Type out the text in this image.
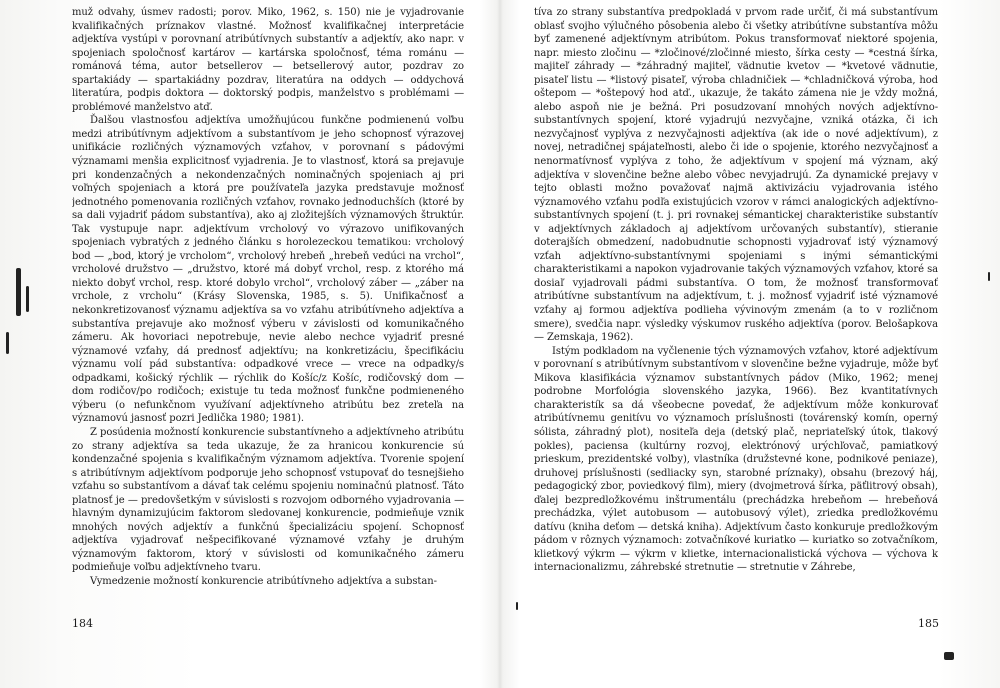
muž odvahy, úsmev radosti; porov. Miko, 1962, s. 150) nie je vyjadrovanie kvalifikačných príznakov vlastné. Možnosť kvalifikačnej interpretácie adjektíva vystúpi v porovnaní atribútívnych substantív a adjektív, ako napr. v spojeniach spoločnosť kartárov — kartárska spoločnosť, téma románu — románová téma, autor betsellerov — betsellerový autor, pozdrav zo spartakiády — spartakiádny pozdrav, literatúra na oddych — oddychová literatúra, podpis doktora — doktorský podpis, manželstvo s problémami — problémové manželstvo atď.

Ďalšou vlastnosťou adjektíva umožňujúcou funkčne podmienenú voľbu medzi atribútívnym adjektívom a substantívom je jeho schopnosť výrazovej unifikácie rozličných významových vzťahov, v porovnaní s pádovými významami menšia explicitnosť vyjadrenia. Je to vlastnosť, ktorá sa prejavuje pri kondenzačných a nekondenzačných nominačných spojeniach aj pri voľných spojeniach a ktorá pre používateľa jazyka predstavuje možnosť jednotného pomenovania rozličných vzťahov, rovnako jednoduchších (ktoré by sa dali vyjadriť pádom substantíva), ako aj zložitejších významových štruktúr. Tak vystupuje napr. adjektívum vrcholový vo výrazovo unifikovaných spojeniach vybratých z jedného článku s horolezeckou tematikou: vrcholový bod — „bod, ktorý je vrcholom“, vrcholový hrebeň „hrebeň vedúci na vrchol“, vrcholové družstvo — „družstvo, ktoré má dobyť vrchol, resp. z ktorého má niekto dobyť vrchol, resp. ktoré dobylo vrchol“, vrcholový záber — „záber na vrchole, z vrcholu“ (Krásy Slovenska, 1985, s. 5). Unifikačnosť a nekonkretizovanosť významu adjektíva sa vo vzťahu atribútívneho adjektíva a substantíva prejavuje ako možnosť výberu v závislosti od komunikačného zámeru. Ak hovoriaci nepotrebuje, nevie alebo nechce vyjadriť presné významové vzťahy, dá prednosť adjektívu; na konkretizáciu, špecifikáciu významu volí pád substantíva: odpadkové vrece — vrece na odpadky/s odpadkami, košický rýchlik — rýchlik do Košíc/z Košíc, rodičovský dom — dom rodičov/po rodičoch; existuje tu teda možnosť funkčne podmieneného výberu (o nefunkčnom využívaní adjektívneho atribútu bez zreteľa na významovú jasnosť pozri Jedlička 1980; 1981).

Z posúdenia možností konkurencie substantívneho a adjektívneho atribútu zo strany adjektíva sa teda ukazuje, že za hranicou konkurencie sú kondenzačné spojenia s kvalifikačným významom adjektíva. Tvorenie spojení s atribútívnym adjektívom podporuje jeho schopnosť vstupovať do tesnejšieho vzťahu so substantívom a dávať tak celému spojeniu nominačnú platnosť. Táto platnosť je — predovšetkým v súvislosti s rozvojom odborného vyjadrovania — hlavným dynamizujúcim faktorom sledovanej konkurencie, podmieňuje vznik mnohých nových adjektív a funkčnú špecializáciu spojení. Schopnosť adjektíva vyjadrovať nešpecifikované významové vzťahy je druhým významovým faktorom, ktorý v súvislosti od komunikačného zámeru podmieňuje voľbu adjektívneho tvaru.

Vymedzenie možností konkurencie atribútívneho adjektíva a substan-

184

tíva zo strany substantíva predpokladá v prvom rade určiť, či má substantívum oblasť svojho výlučného pôsobenia alebo či všetky atribútívne substantíva môžu byť zamenené adjektívnym atribútom. Pokus transformovať niektoré spojenia, napr. miesto zločinu — *zločinové/zločinné miesto, šírka cesty — *cestná šírka, majiteľ záhrady — *záhradný majiteľ, vädnutie kvetov — *kvetové vädnutie, pisateľ listu — *listový pisateľ, výroba chladničiek — *chladničková výroba, hod oštepom — *oštepový hod atď., ukazuje, že takáto zámena nie je vždy možná, alebo aspoň nie je bežná. Pri posudzovaní mnohých nových adjektívno-substantívnych spojení, ktoré vyjadrujú nezvyčajne, vzniká otázka, či ich nezvyčajnosť vyplýva z nezvyčajnosti adjektíva (ak ide o nové adjektívum), z novej, netradičnej spájateľnosti, alebo či ide o spojenie, ktorého nezvyčajnosť a nenormatívnosť vyplýva z toho, že adjektívum v spojení má význam, aký adjektíva v slovenčine bežne alebo vôbec nevyjadrujú. Za dynamické prejavy v tejto oblasti možno považovať najmä aktivizáciu vyjadrovania istého významového vzťahu podľa existujúcich vzorov v rámci analogických adjektívno-substantívnych spojení (t. j. pri rovnakej sémantickej charakteristike substantív v adjektívnych základoch aj adjektívom určovaných substantív), stieranie doterajších obmedzení, nadobudnutie schopnosti vyjadrovať istý významový vzťah adjektívno-substantívnymi spojeniami s inými sémantickými charakteristikami a napokon vyjadrovanie takých významových vzťahov, ktoré sa dosiaľ vyjadrovali pádmi substantíva. O tom, že možnosť transformovať atribútívne substantívum na adjektívum, t. j. možnosť vyjadriť isté významové vzťahy aj formou adjektíva podlieha vývinovým zmenám (a to v rozličnom smere), svedčia napr. výsledky výskumov ruského adjektíva (porov. Belošapkova — Zemskaja, 1962).

Istým podkladom na vyčlenenie tých významových vzťahov, ktoré adjektívum v porovnaní s atribútívnym substantívom v slovenčine bežne vyjadruje, môže byť Mikova klasifikácia významov substantívnych pádov (Miko, 1962; menej podrobne Morfológia slovenského jazyka, 1966). Bez kvantitatívnych charakteristík sa dá všeobecne povedať, že adjektívum môže konkurovať atribútívnemu genitívu vo významoch príslušnosti (továrenský komín, operný sólista, záhradný plot), nositeľa deja (detský plač, nepriateľský útok, tlakový pokles), paciensa (kultúrny rozvoj, elektrónový urýchľovač, pamiatkový prieskum, prezidentské voľby), vlastníka (družstevné kone, podnikové peniaze), druhovej príslušnosti (sedliacky syn, starobné príznaky), obsahu (brezový háj, pedagogický zbor, poviedkový film), miery (dvojmetrová šírka, päťlitrový obsah), ďalej bezpredložkovému inštrumentálu (prechádzka hrebeňom — hrebeňová prechádzka, výlet autobusom — autobusový výlet), zriedka predložkovému datívu (kniha deťom — detská kniha). Adjektívum často konkuruje predložkovým pádom v rôznych významoch: zotvačníkové kuriatko — kuriatko so zotvačníkom, klietkový výkrm — výkrm v klietke, internacionalistická výchova — výchova k internacionalizmu, záhrebské stretnutie — stretnutie v Záhrebe,

185
